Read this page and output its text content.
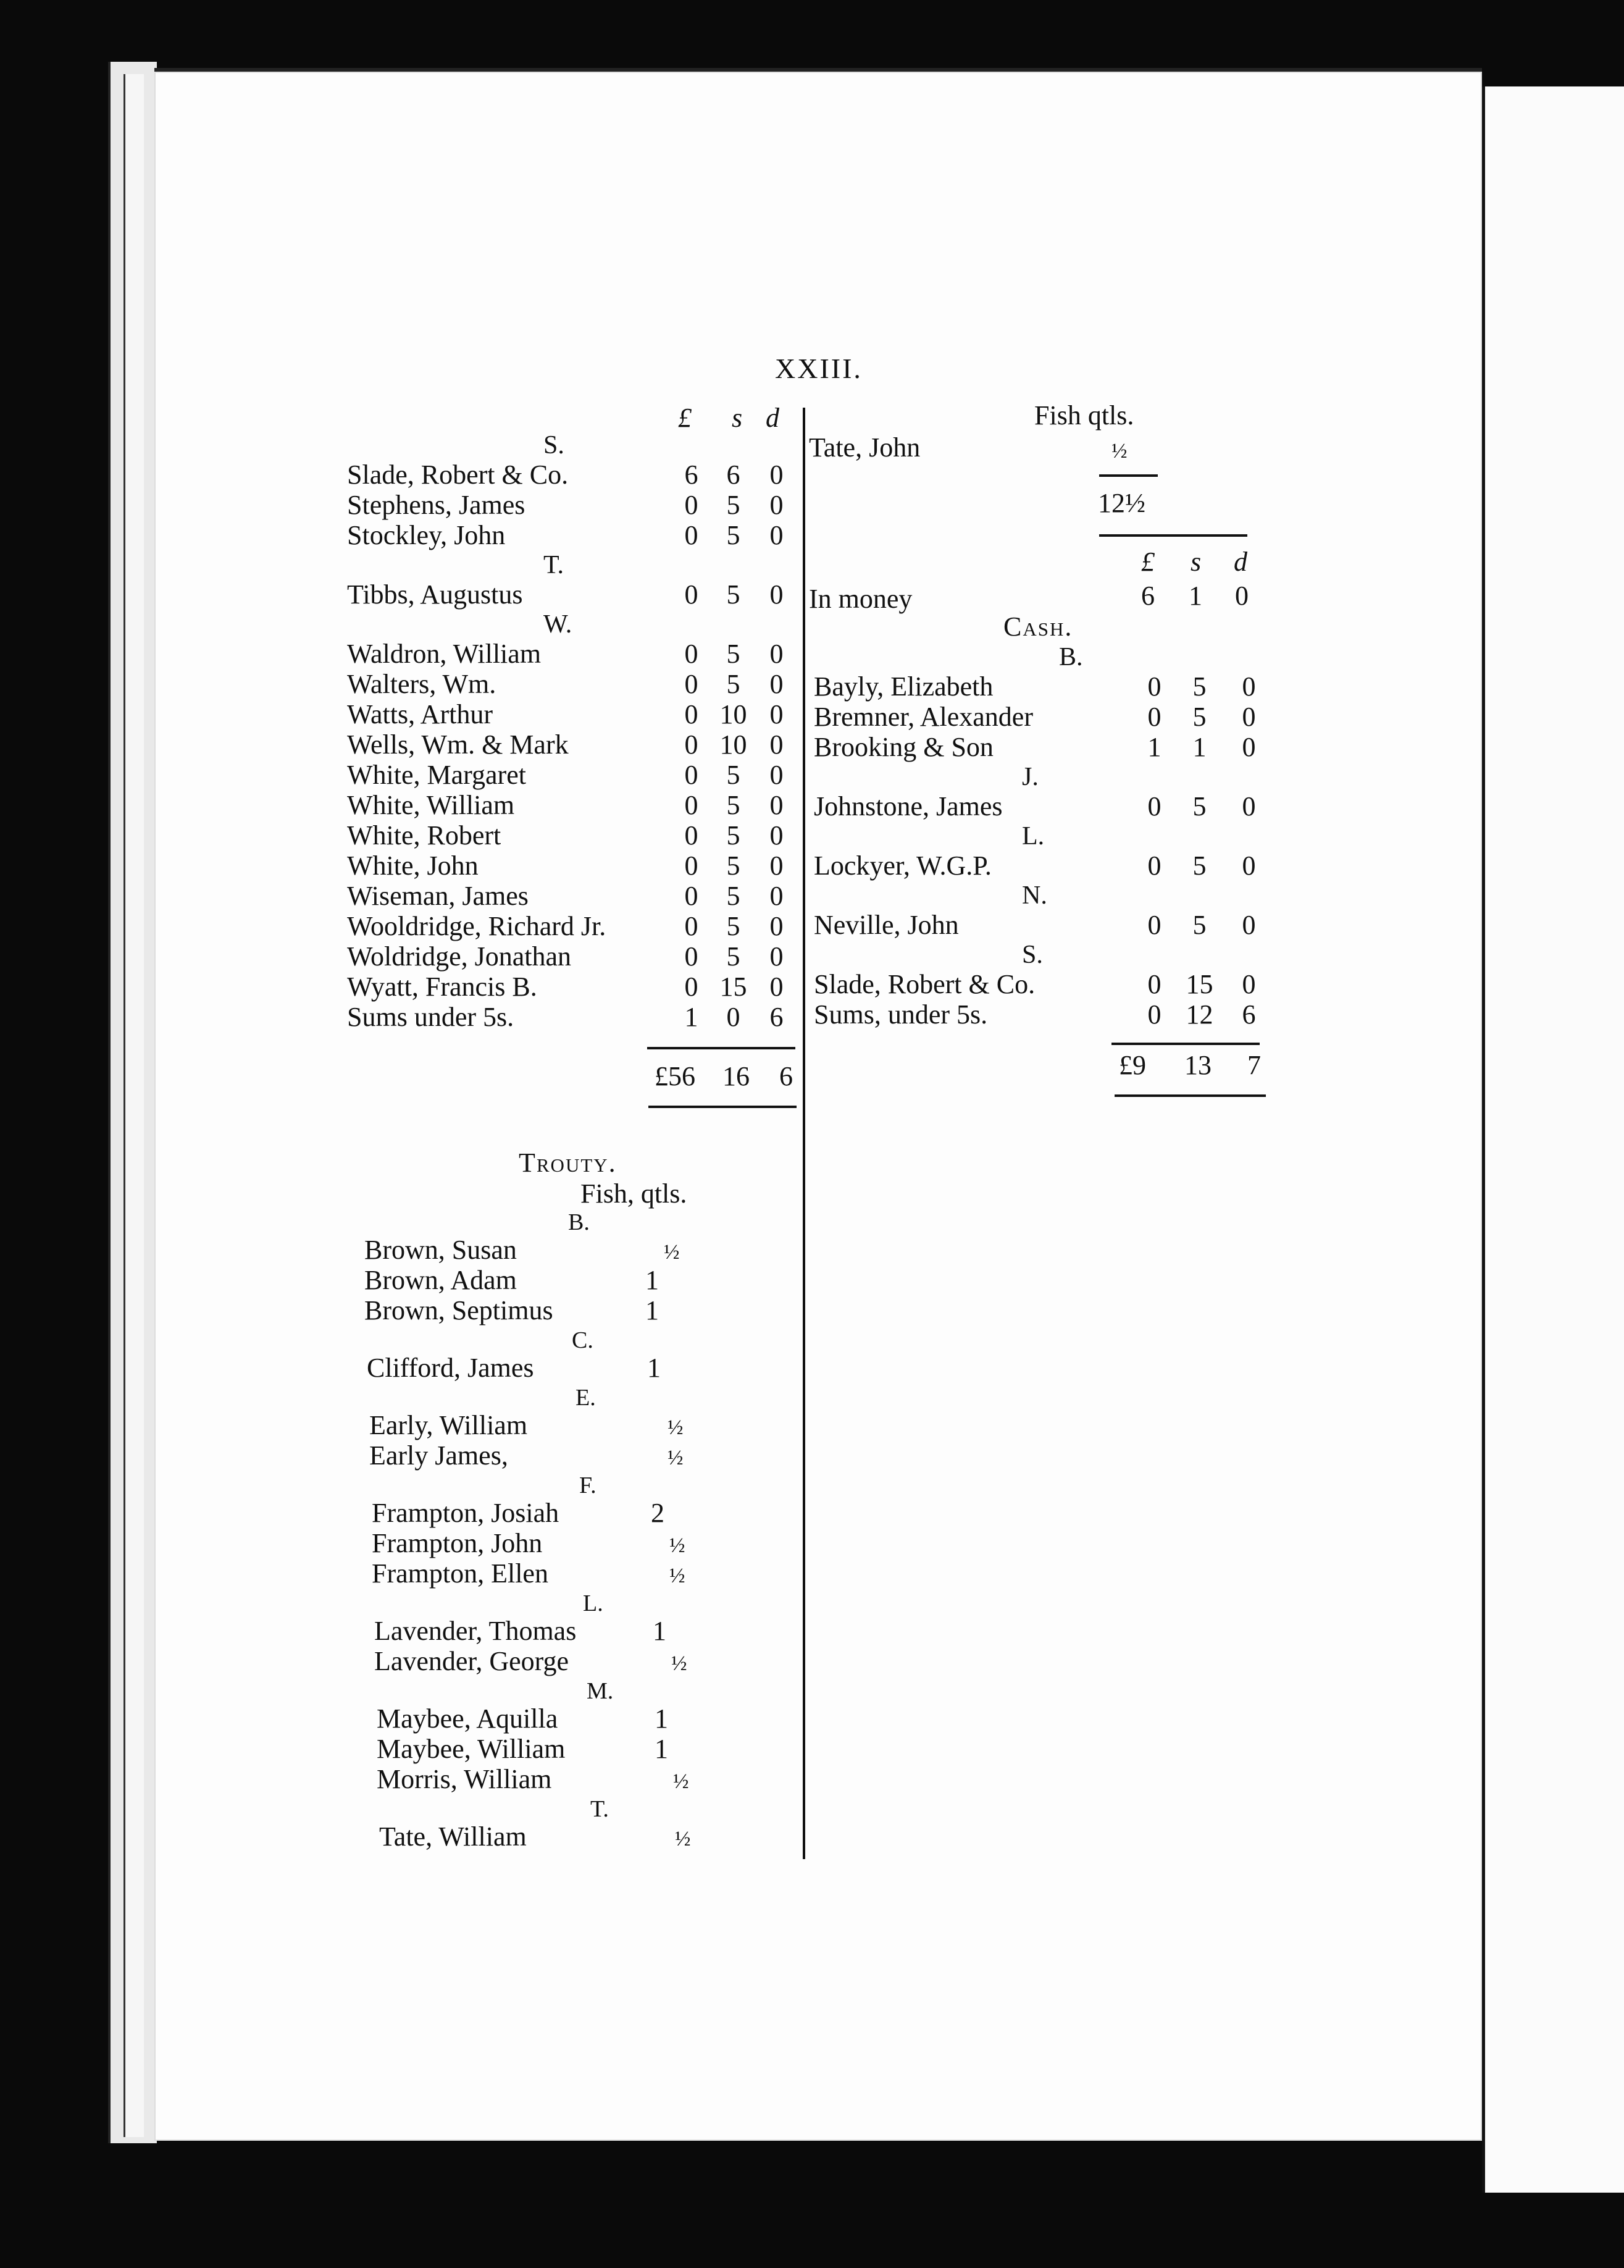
XXIII.
£ s d
S.
Slade, Robert & Co.	6	6	0
Stephens, James	0	5	0
Stockley, John	0	5	0
T.
Tibbs, Augustus	0	5	0
W.
Waldron, William	0	5	0
Walters, Wm.	0	5	0
Watts, Arthur	0 10 0
Wells, Wm. & Mark	0 10 0
White, Margaret	0	5	0
White, William	0	5	0
White, Robert	0	5	0
White, John	0	5	0
Wiseman, James	0	5	0
Wooldridge, Richard Jr.	0	5	0
Woldridge, Jonathan	0	5	0
Wyatt, Francis B.	0 15 0
Sums under 5s.	1	0	6
£56 16 6
Fish qtls.
Tate, John	½
12½
£ s d
In money	6 1 0
Cash.
B.
Bayly, Elizabeth	0	5	0
Bremner, Alexander	0	5	0
Brooking & Son	1	1	0
J.
Johnstone, James	0	5	0
L.
Lockyer, W.G.P.	0	5	0
N.
Neville, John	0	5	0
S.
Slade, Robert & Co.	0 15	0
Sums, under 5s.	0 12	6
£9 13 7
Trouty.
Fish, qtls.
B.
Brown, Susan	½
Brown, Adam	1
Brown, Septimus	1
C.
Clifford, James	1
E.
Early, William	½
Early James,	½
F.
Frampton, Josiah	2
Frampton, John	½
Frampton, Ellen	½
L.
Lavender, Thomas	1
Lavender, George	½
M.
Maybee, Aquilla	1
Maybee, William	1
Morris, William	½
T.
Tate, William	½
